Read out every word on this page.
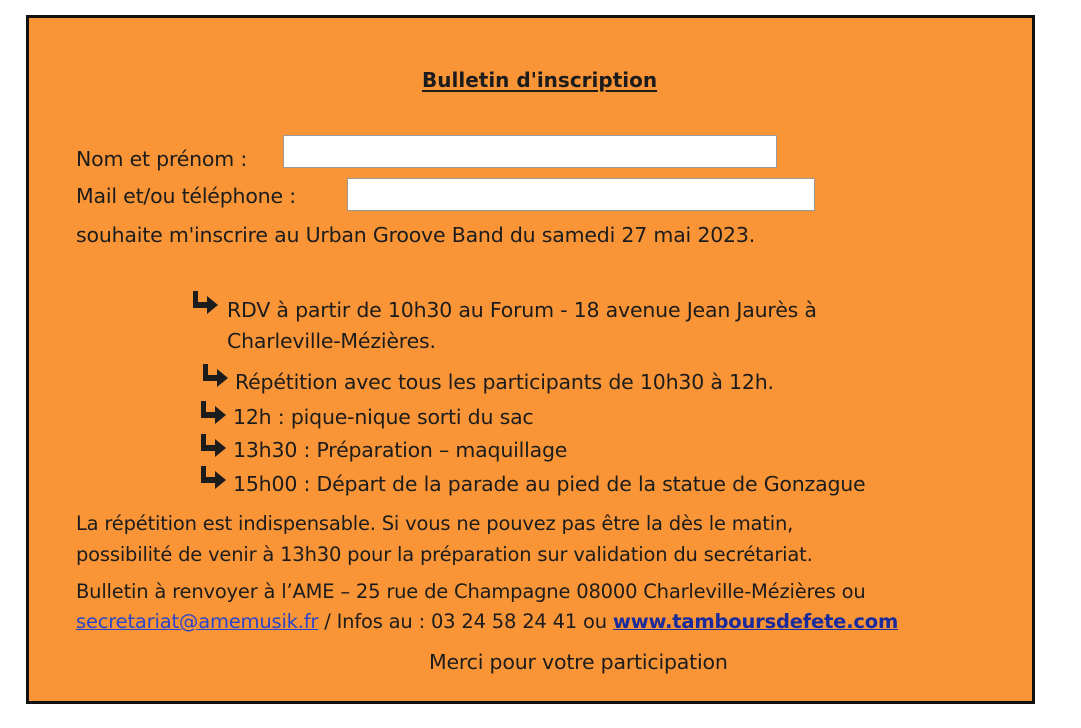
Bulletin d'inscription
Nom et prénom :
Mail et/ou téléphone :
souhaite m'inscrire au Urban Groove Band du samedi 27 mai 2023.
RDV à partir de 10h30 au Forum - 18 avenue Jean Jaurès à
Charleville-Mézières.
Répétition avec tous les participants de 10h30 à 12h.
12h : pique-nique sorti du sac
13h30 : Préparation – maquillage
15h00 : Départ de la parade au pied de la statue de Gonzague
La répétition est indispensable. Si vous ne pouvez pas être la dès le matin,
possibilité de venir à 13h30 pour la préparation sur validation du secrétariat.
Bulletin à renvoyer à l’AME – 25 rue de Champagne 08000 Charleville-Mézières ou
secretariat@amemusik.fr / Infos au : 03 24 58 24 41 ou www.tamboursdefete.com
Merci pour votre participation
